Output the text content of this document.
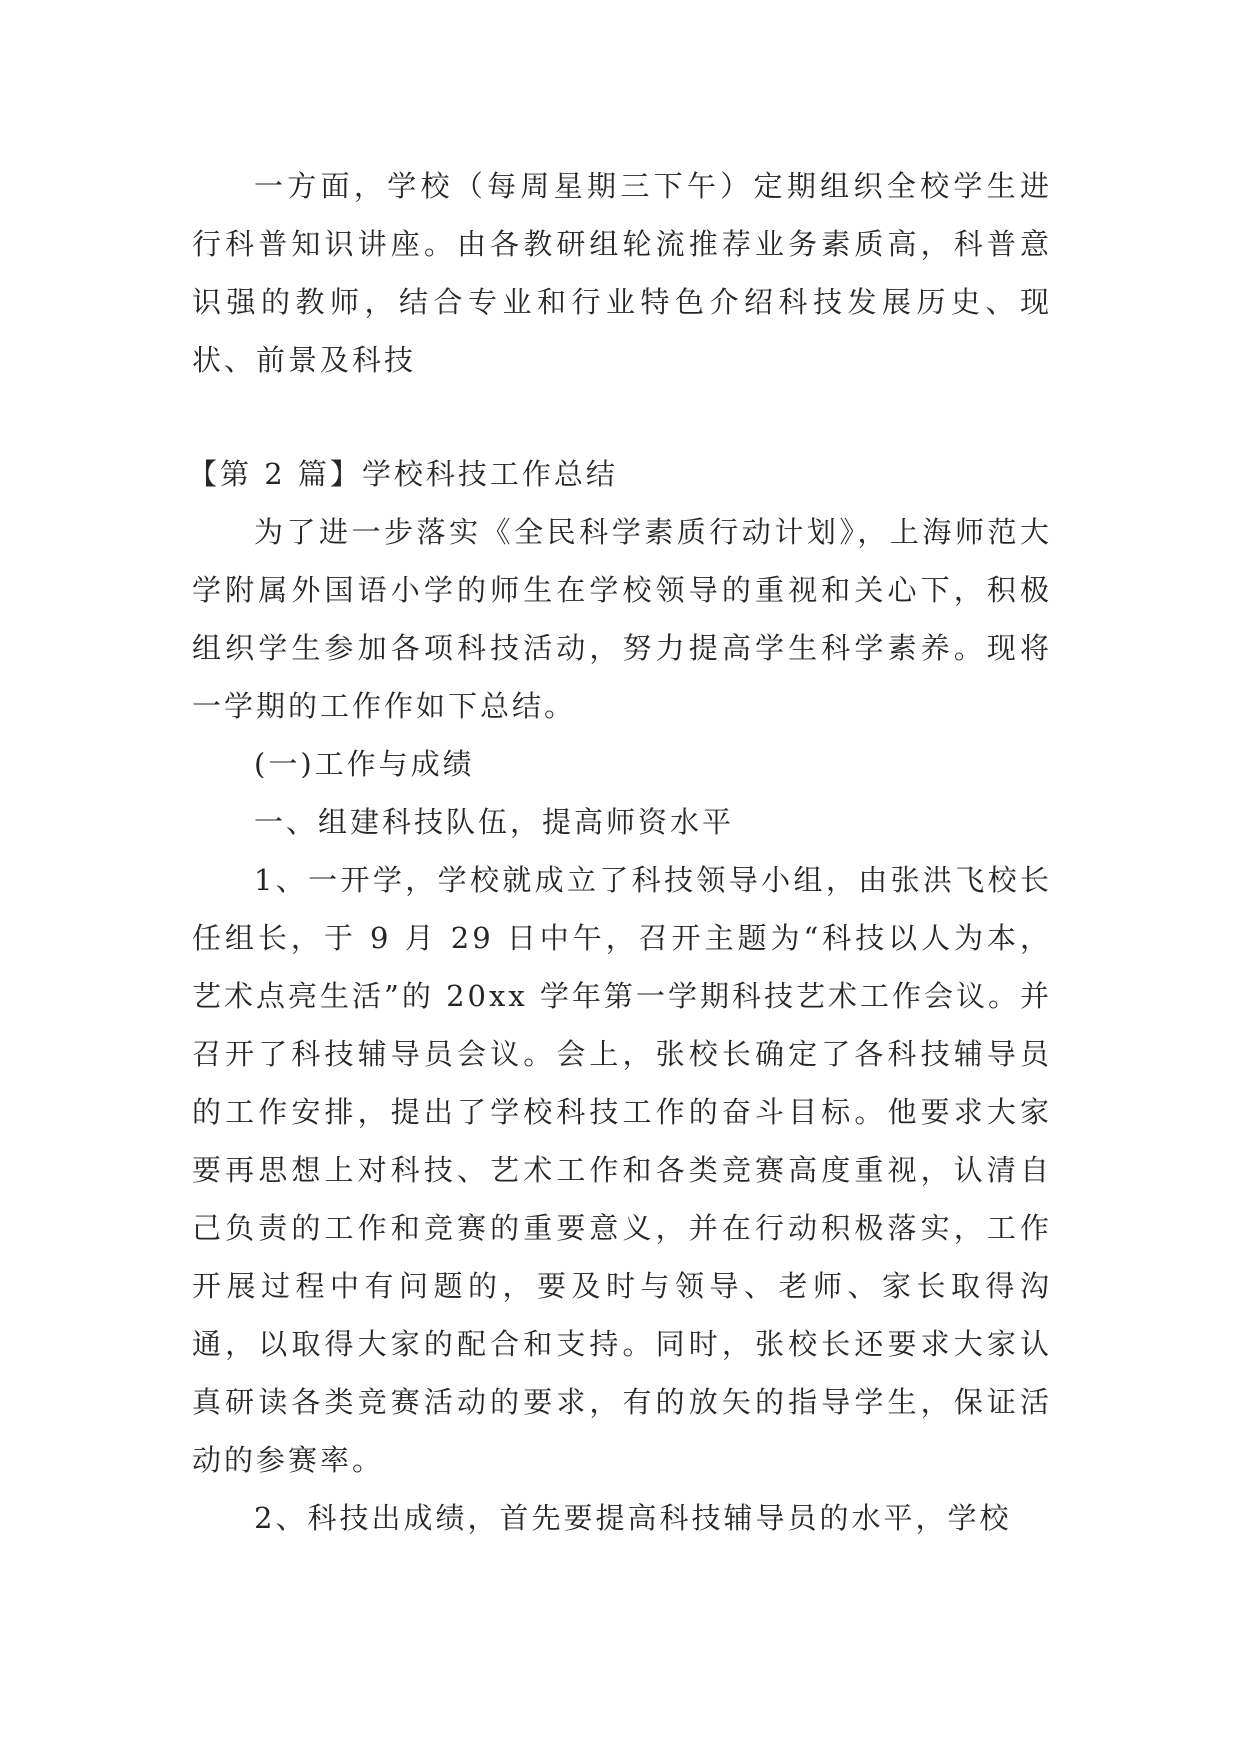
一方面，学校（每周星期三下午）定期组织全校学生进行科普知识讲座。由各教研组轮流推荐业务素质高，科普意识强的教师，结合专业和行业特色介绍科技发展历史、现状、前景及科技

【第 2 篇】学校科技工作总结

为了进一步落实《全民科学素质行动计划》，上海师范大学附属外国语小学的师生在学校领导的重视和关心下，积极组织学生参加各项科技活动，努力提高学生科学素养。现将一学期的工作作如下总结。

(一)工作与成绩

一、组建科技队伍，提高师资水平

1、一开学，学校就成立了科技领导小组，由张洪飞校长任组长，于 9 月 29 日中午，召开主题为“科技以人为本，艺术点亮生活”的 20xx 学年第一学期科技艺术工作会议。并召开了科技辅导员会议。会上，张校长确定了各科技辅导员的工作安排，提出了学校科技工作的奋斗目标。他要求大家要再思想上对科技、艺术工作和各类竞赛高度重视，认清自己负责的工作和竞赛的重要意义，并在行动积极落实，工作开展过程中有问题的，要及时与领导、老师、家长取得沟通，以取得大家的配合和支持。同时，张校长还要求大家认真研读各类竞赛活动的要求，有的放矢的指导学生，保证活动的参赛率。

2、科技出成绩，首先要提高科技辅导员的水平，学校
